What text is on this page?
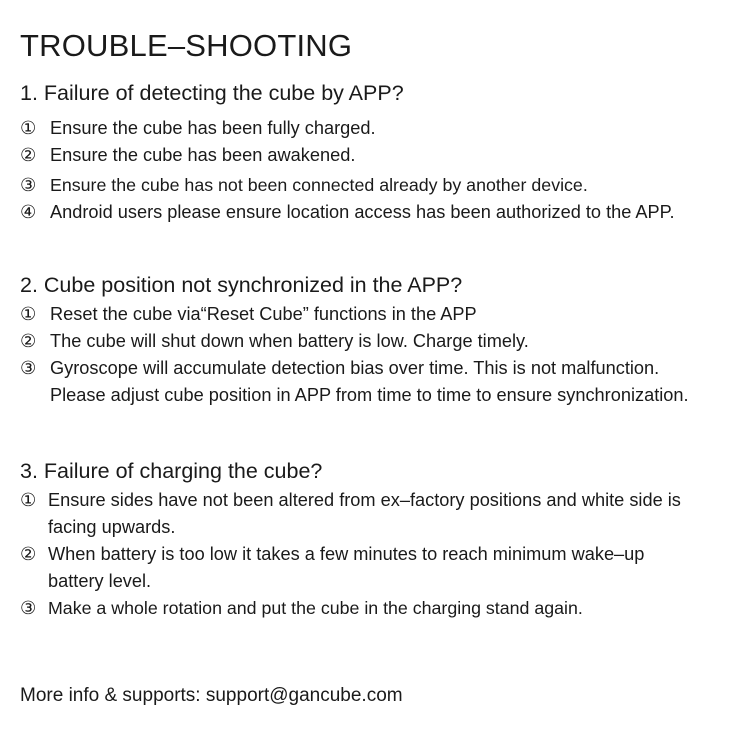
TROUBLE–SHOOTING
1. Failure of detecting the cube by APP?
① Ensure the cube has been fully charged.
② Ensure the cube has been awakened.
③ Ensure the cube has not been connected already by another device.
④ Android users please ensure location access has been authorized to the APP.
2. Cube position not synchronized in the APP?
① Reset the cube via“Reset Cube” functions in the APP
② The cube will shut down when battery is low. Charge timely.
③ Gyroscope will accumulate detection bias over time. This is not malfunction. Please adjust cube position in APP from time to time to ensure synchronization.
3. Failure of charging the cube?
① Ensure sides have not been altered from ex–factory positions and white side is facing upwards.
② When battery is too low it takes a few minutes to reach minimum wake–up battery level.
③ Make a whole rotation and put the cube in the charging stand again.
More info & supports: support@gancube.com
